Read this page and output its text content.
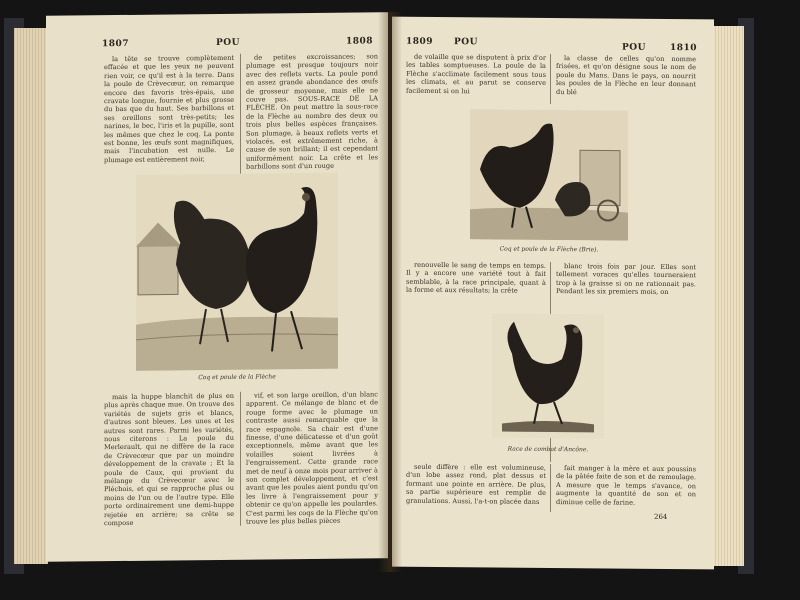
1807	POU	1808

la tête se trouve complètement effacée et que les yeux ne peuvent rien voir, ce qu'il est à la terre. Dans la poule de Crèvecœur, on remarque encore des favoris très-épais, une cravate longue, fournie et plus grosse du bas que du haut. Ses barbillons et ses oreillons sont très-petits; les narines, le bec, l'iris et la pupille, sont les mêmes que chez le coq. La ponte est bonne, les œufs sont magnifiques, mais l'incubation est nulle. Le plumage est entièrement noir,

de petites excroissances; son plumage est presque toujours noir avec des reflets verts. La poule pond en assez grande abondance des œufs de grosseur moyenne, mais elle ne couve pas. SOUS-RACE DE LA FLÈCHE. On peut mettre la sous-race de la Flèche au nombre des deux ou trois plus belles espèces françaises. Son plumage, à beaux reflets verts et violacés, est extrêmement riche, à cause de son brillant; il est cependant uniformément noir. La crête et les barbillons sont d'un rouge

Coq et poule de la Flèche

mais la huppe blanchit de plus en plus après chaque mue. On trouve des variétés de sujets gris et blancs, d'autres sont bleues. Les unes et les autres sont rares. Parmi les variétés, nous citerons : La poule du Merlerault, qui ne diffère de la race de Crèvecœur que par un moindre développement de la cravate ; Et la poule de Caux, qui provient du mélange du Crèvecœur avec le Pléchois, et qui se rapproche plus ou moins de l'un ou de l'autre type. Elle porte ordinairement une demi-huppe rejetée en arrière; sa crête se compose

vif, et son large oreillon, d'un blanc apparent. Ce mélange de blanc et de rouge forme avec le plumage un contraste aussi remarquable que la race espagnole. Sa chair est d'une finesse, d'une délicatesse et d'un goût exceptionnels, même avant que les volailles soient livrées à l'engraissement. Cette grande race met de neuf à onze mois pour arriver à son complet développement, et c'est avant que les poules aient pondu qu'on les livre à l'engraissement pour y obtenir ce qu'on appelle les poulardes. C'est parmi les coqs de la Flèche qu'on trouve les plus belles pièces

1809 POU
POU	1810

de volaille que se disputent à prix d'or les tables somptueuses. La poule de la Flèche s'acclimate facilement sous tous les climats, et au parut se conserve facilement si on lui

la classe de celles qu'on nomme frisées, et qu'on désigne sous le nom de poule du Mans. Dans le pays, on nourrit les poules de la Flèche en leur donnant du blé

Coq et poule de la Flèche (Brie).

renouvelle le sang de temps en temps. Il y a encore une variété tout à fait semblable, à la race principale, quant à la forme et aux résultats; la crête

blanc trois fois par jour. Elles sont tellement voraces qu'elles tourneraient trop à la graisse si on ne rationnait pas. Pendant les six premiers mois, on

Race de combat d'Ancône.

seule diffère : elle est volumineuse, d'un lobe assez rond, plat dessus et formant une pointe en arrière. De plus, sa partie supérieure est remplie de granulations. Aussi, l'a-t-on placée dans

fait manger à la mère et aux poussins de la pâtée faite de son et de remoulage. A mesure que le temps s'avance, on augmente la quantité de son et on diminue celle de farine.

264
